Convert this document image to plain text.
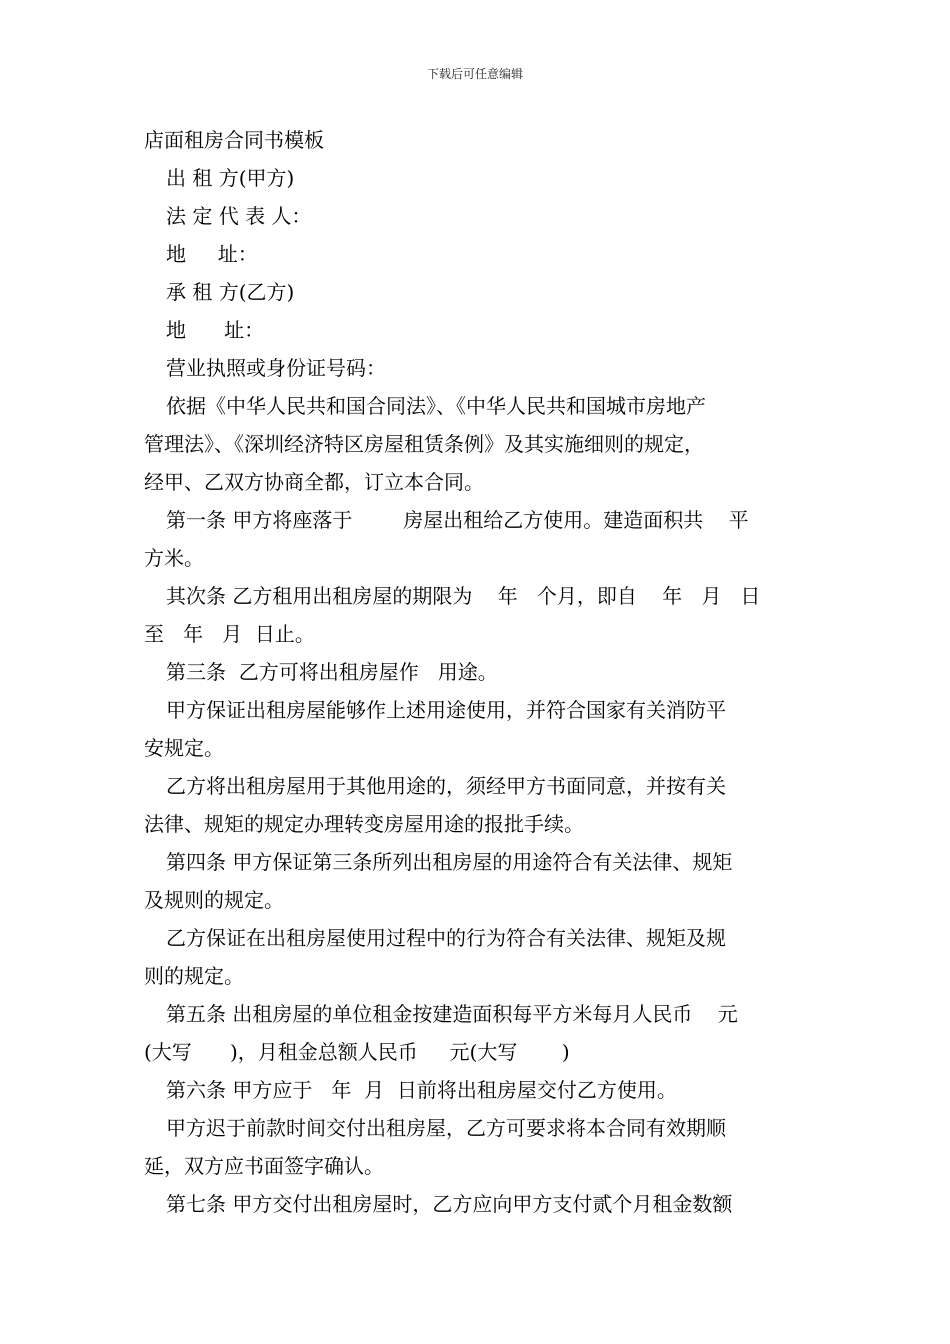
下载后可任意编辑
店面租房合同书模板
出 租 方(甲方)
法 定 代 表 人：
地     址：
承 租 方(乙方)
地      址：
营业执照或身份证号码：
依据《中华人民共和国合同法》、《中华人民共和国城市房地产
管理法》、《深圳经济特区房屋租赁条例》及其实施细则的规定，
经甲、乙双方协商全都，订立本合同。
第一条 甲方将座落于        房屋出租给乙方使用。建造面积共    平
方米。
其次条 乙方租用出租房屋的期限为    年   个月，即自    年   月   日
至   年   月  日止。
第三条  乙方可将出租房屋作   用途。
甲方保证出租房屋能够作上述用途使用，并符合国家有关消防平
安规定。
乙方将出租房屋用于其他用途的，须经甲方书面同意，并按有关
法律、规矩的规定办理转变房屋用途的报批手续。
第四条 甲方保证第三条所列出租房屋的用途符合有关法律、规矩
及规则的规定。
乙方保证在出租房屋使用过程中的行为符合有关法律、规矩及规
则的规定。
第五条 出租房屋的单位租金按建造面积每平方米每月人民币    元
(大写      )，月租金总额人民币     元(大写       )
第六条 甲方应于   年  月  日前将出租房屋交付乙方使用。
甲方迟于前款时间交付出租房屋，乙方可要求将本合同有效期顺
延，双方应书面签字确认。
第七条 甲方交付出租房屋时，乙方应向甲方支付贰个月租金数额
